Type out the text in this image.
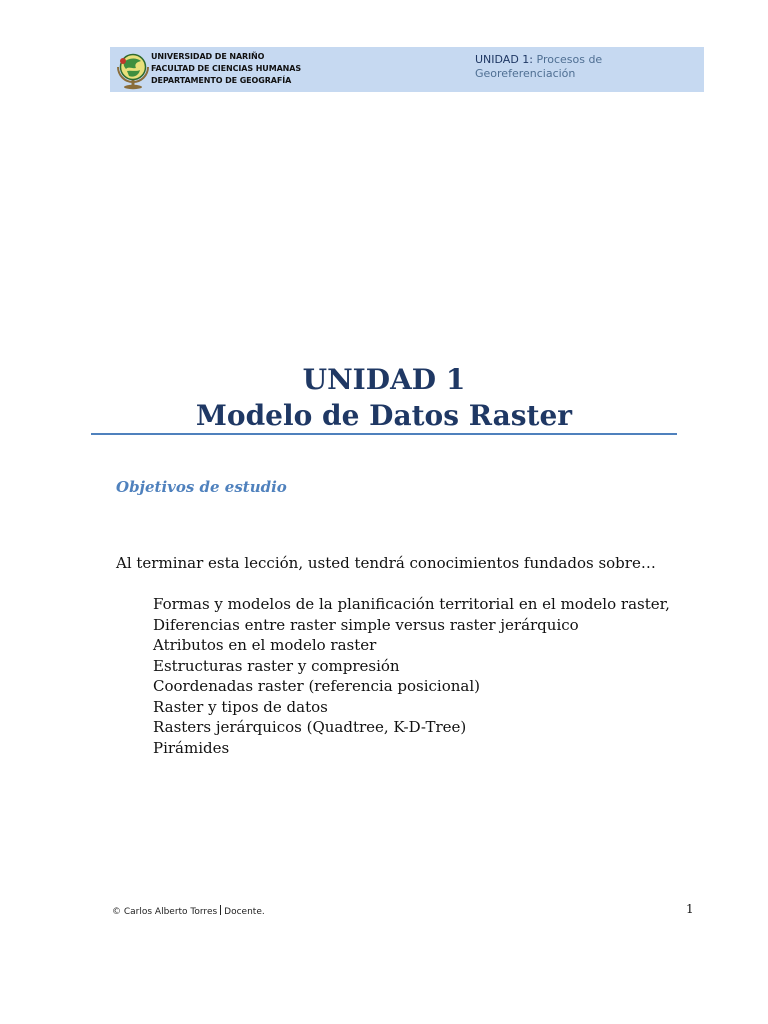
UNIVERSIDAD DE NARIÑO
FACULTAD DE CIENCIAS HUMANAS
DEPARTAMENTO DE GEOGRAFÍA
UNIDAD 1: Procesos de Georeferenciación
UNIDAD 1
Modelo de Datos Raster
Objetivos de estudio
Al terminar esta lección, usted tendrá conocimientos fundados sobre…
Formas y modelos de la planificación territorial en el modelo raster,
Diferencias entre raster simple versus raster jerárquico
Atributos en el modelo raster
Estructuras raster y compresión
Coordenadas raster (referencia posicional)
Raster y tipos de datos
Rasters jerárquicos (Quadtree, K-D-Tree)
Pirámides
© Carlos Alberto Torres Docente.	1
